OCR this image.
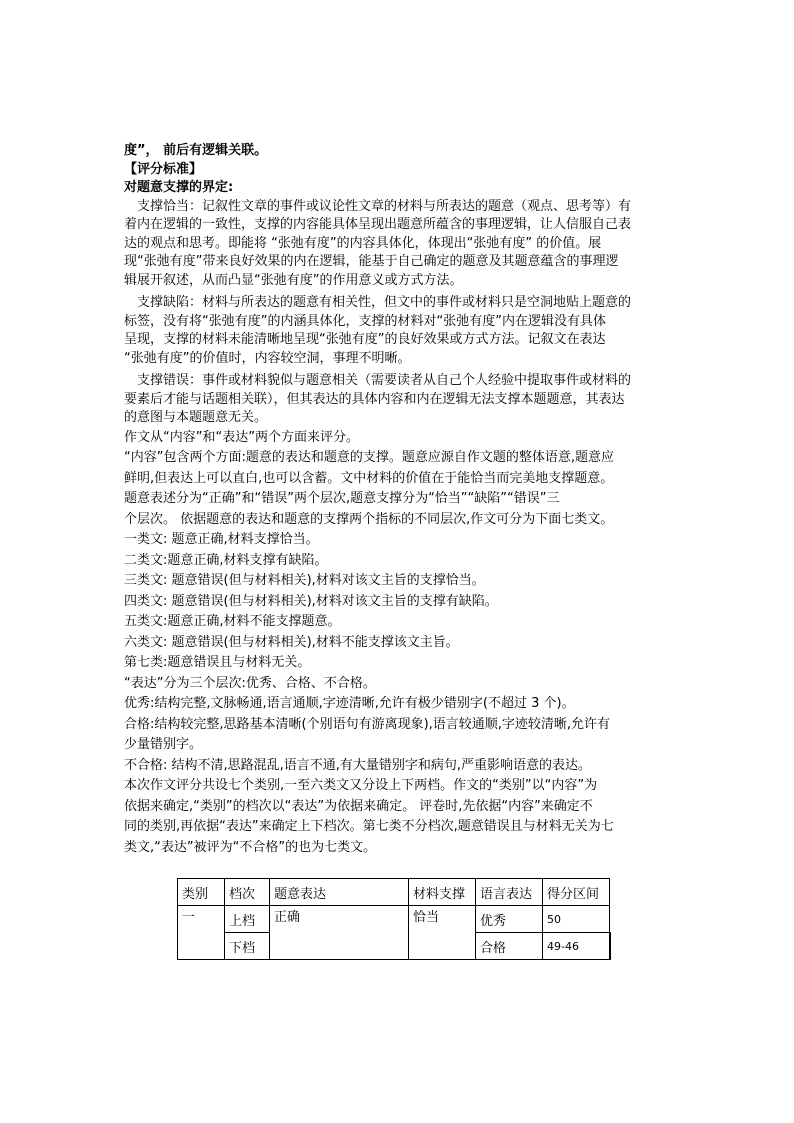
度”， 前后有逻辑关联。
【评分标准】
对题意支撑的界定:
　支撑恰当：记叙性文章的事件或议论性文章的材料与所表达的题意（观点、思考等）有
着内在逻辑的一致性，支撑的内容能具体呈现出题意所蕴含的事理逻辑，让人信服自己表
达的观点和思考。即能将 “张弛有度”的内容具体化，体现出“张弛有度” 的价值。展
现“张弛有度”带来良好效果的内在逻辑，能基于自己确定的题意及其题意蕴含的事理逻
辑展开叙述，从而凸显“张弛有度”的作用意义或方式方法。
　支撑缺陷：材料与所表达的题意有相关性，但文中的事件或材料只是空洞地贴上题意的
标签，没有将“张弛有度”的内涵具体化，支撑的材料对“张弛有度”内在逻辑没有具体
呈现，支撑的材料未能清晰地呈现“张弛有度”的良好效果或方式方法。记叙文在表达
“张弛有度”的价值时，内容较空洞，事理不明晰。
　支撑错误：事件或材料貌似与题意相关（需要读者从自己个人经验中提取事件或材料的
要素后才能与话题相关联），但其表达的具体内容和内在逻辑无法支撑本题题意，其表达
的意图与本题题意无关。
作文从“内容”和“表达”两个方面来评分。
“内容”包含两个方面:题意的表达和题意的支撑。题意应源自作文题的整体语意,题意应
鲜明,但表达上可以直白,也可以含蓄。文中材料的价值在于能恰当而完美地支撑题意。
题意表述分为“正确”和“错误”两个层次,题意支撑分为“恰当”“缺陷”“错误”三
个层次。 依据题意的表达和题意的支撑两个指标的不同层次,作文可分为下面七类文。
一类文: 题意正确,材料支撑恰当。
二类文:题意正确,材料支撑有缺陷。
三类文: 题意错误(但与材料相关),材料对该文主旨的支撑恰当。
四类文: 题意错误(但与材料相关),材料对该文主旨的支撑有缺陷。
五类文:题意正确,材料不能支撑题意。
六类文: 题意错误(但与材料相关),材料不能支撑该文主旨。
第七类:题意错误且与材料无关。
“表达”分为三个层次:优秀、合格、不合格。
优秀:结构完整,文脉畅通,语言通顺,字迹清晰,允许有极少错别字(不超过 3 个)。
合格:结构较完整,思路基本清晰(个别语句有游离现象),语言较通顺,字迹较清晰,允许有
少量错别字。
不合格: 结构不清,思路混乱,语言不通,有大量错别字和病句,严重影响语意的表达。
本次作文评分共设七个类别,一至六类文又分设上下两档。作文的“类别”以“内容”为
依据来确定,“类别”的档次以“表达”为依据来确定。 评卷时,先依据“内容”来确定不
同的类别,再依据“表达”来确定上下档次。第七类不分档次,题意错误且与材料无关为七
类文,“表达”被评为“不合格”的也为七类文。
类别	档次	题意表达	材料支撑	语言表达	得分区间
一	上档	正确	恰当	优秀	50
	下档			合格	49-46
